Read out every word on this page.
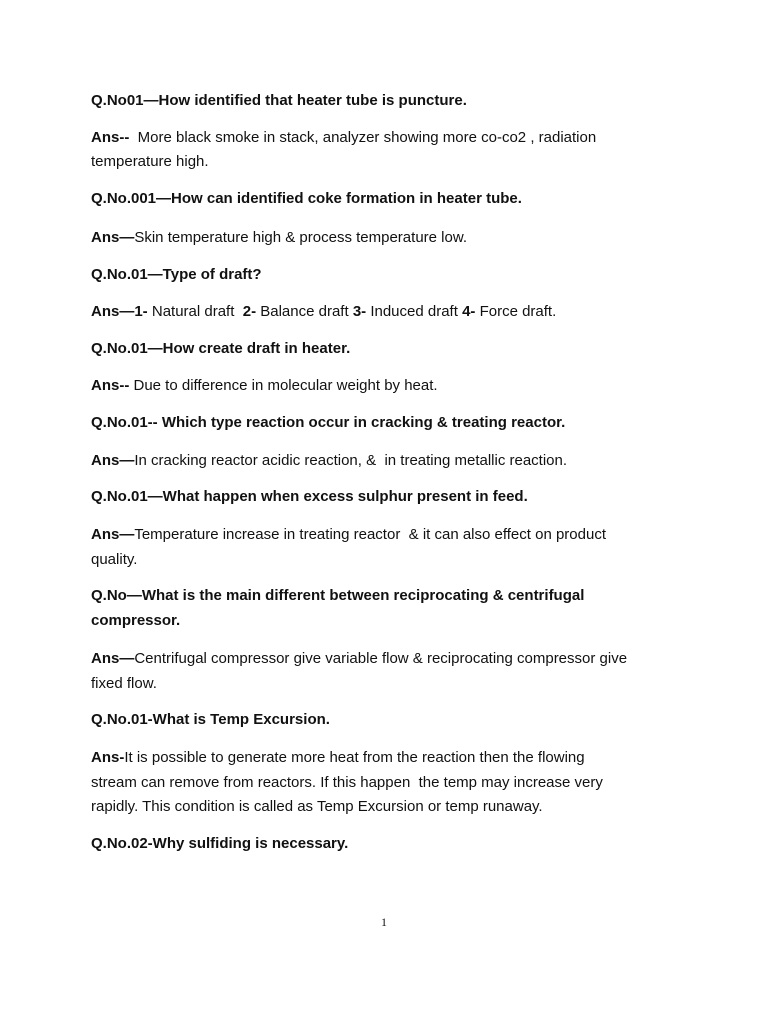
Q.No01—How identified that heater tube is puncture.
Ans--  More black smoke in stack, analyzer showing more co-co2 , radiation
temperature high.
Q.No.001—How can identified coke formation in heater tube.
Ans—Skin temperature high & process temperature low.
Q.No.01—Type of draft?
Ans—1- Natural draft  2- Balance draft 3- Induced draft 4- Force draft.
Q.No.01—How create draft in heater.
Ans-- Due to difference in molecular weight by heat.
Q.No.01-- Which type reaction occur in cracking & treating reactor.
Ans—In cracking reactor acidic reaction, &  in treating metallic reaction.
Q.No.01—What happen when excess sulphur present in feed.
Ans—Temperature increase in treating reactor  & it can also effect on product
quality.
Q.No—What is the main different between reciprocating & centrifugal
compressor.
Ans—Centrifugal compressor give variable flow & reciprocating compressor give
fixed flow.
Q.No.01-What is Temp Excursion.
Ans-It is possible to generate more heat from the reaction then the flowing
stream can remove from reactors. If this happen  the temp may increase very
rapidly. This condition is called as Temp Excursion or temp runaway.
Q.No.02-Why sulfiding is necessary.
1
